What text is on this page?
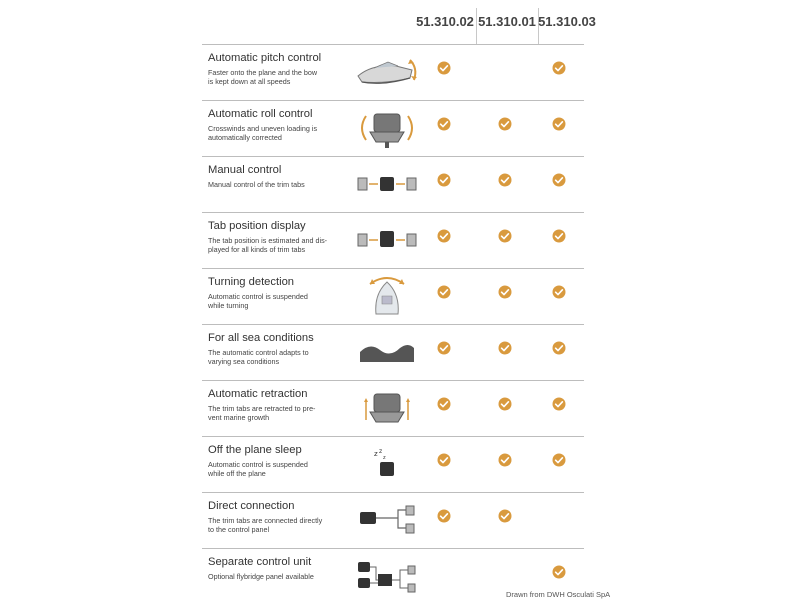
51.310.02 51.310.01 51.310.03
Automatic pitch control
Faster onto the plane and the bow
is kept down at all speeds
Automatic roll control
Crosswinds and uneven loading is
automatically corrected
Manual control
Manual control of the trim tabs
Tab position display
The tab position is estimated and dis-
played for all kinds of trim tabs
Turning detection
Automatic control is suspended
while turning
For all sea conditions
The automatic control adapts to
varying sea conditions
Automatic retraction
The trim tabs are retracted to pre-
vent marine growth
Off the plane sleep
Automatic control is suspended
while off the plane
z z
z
Direct connection
The trim tabs are connected directly
to the control panel
Separate control unit
Optional flybridge panel available
Drawn from DWH Osculati SpA
